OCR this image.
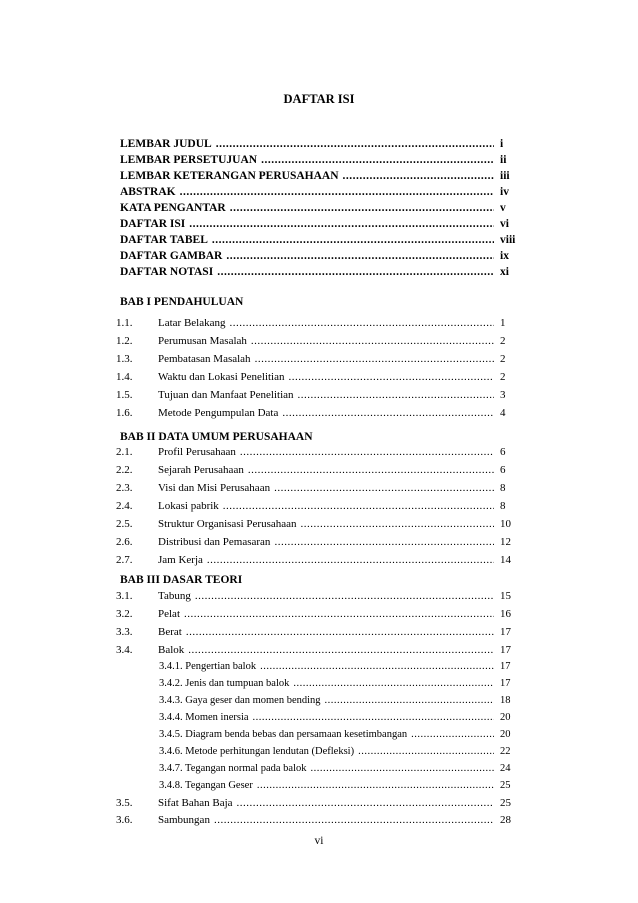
DAFTAR ISI
LEMBAR JUDUL .....	i
LEMBAR PERSETUJUAN .....	ii
LEMBAR KETERANGAN PERUSAHAAN .....	iii
ABSTRAK .....	iv
KATA PENGANTAR .....	v
DAFTAR ISI .....	vi
DAFTAR TABEL .....	viii
DAFTAR GAMBAR .....	ix
DAFTAR NOTASI .....	xi
BAB I PENDAHULUAN
1.1.	Latar Belakang .....	1
1.2.	Perumusan Masalah .....	2
1.3.	Pembatasan Masalah .....	2
1.4.	Waktu dan Lokasi Penelitian .....	2
1.5.	Tujuan dan Manfaat Penelitian .....	3
1.6.	Metode Pengumpulan Data .....	4
BAB II DATA UMUM PERUSAHAAN
2.1.	Profil Perusahaan .....	6
2.2.	Sejarah Perusahaan .....	6
2.3.	Visi dan Misi Perusahaan .....	8
2.4.	Lokasi pabrik .....	8
2.5.	Struktur Organisasi Perusahaan .....	10
2.6.	Distribusi dan Pemasaran .....	12
2.7.	Jam Kerja .....	14
BAB III DASAR TEORI
3.1.	Tabung .....	15
3.2.	Pelat .....	16
3.3.	Berat .....	17
3.4.	Balok .....	17
3.4.1. Pengertian balok .....	17
3.4.2. Jenis dan tumpuan balok .....	17
3.4.3. Gaya geser dan momen bending .....	18
3.4.4. Momen inersia .....	20
3.4.5. Diagram benda bebas dan persamaan kesetimbangan .....	20
3.4.6. Metode perhitungan lendutan (Defleksi) .....	22
3.4.7. Tegangan normal pada balok .....	24
3.4.8. Tegangan Geser .....	25
3.5.	Sifat Bahan Baja .....	25
3.6.	Sambungan .....	28
vi
